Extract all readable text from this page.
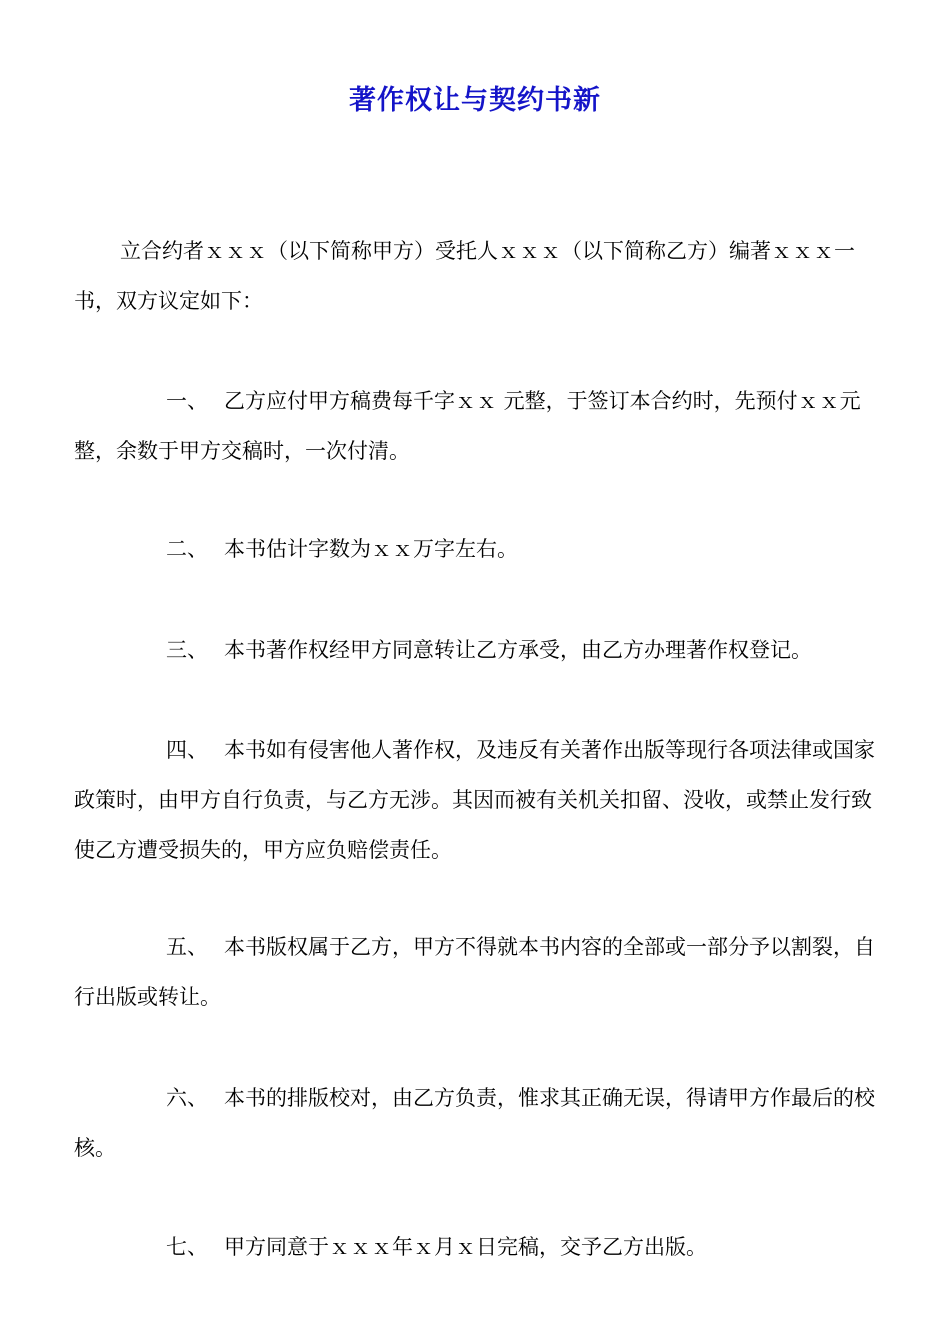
著作权让与契约书新

立合约者ｘｘｘ（以下简称甲方）受托人ｘｘｘ（以下简称乙方）编著ｘｘｘ一书，双方议定如下：

一、 乙方应付甲方稿费每千字ｘｘ 元整，于签订本合约时，先预付ｘｘ元整，余数于甲方交稿时，一次付清。

二、 本书估计字数为ｘｘ万字左右。

三、 本书著作权经甲方同意转让乙方承受，由乙方办理著作权登记。

四、 本书如有侵害他人著作权，及违反有关著作出版等现行各项法律或国家政策时，由甲方自行负责，与乙方无涉。其因而被有关机关扣留、没收，或禁止发行致使乙方遭受损失的，甲方应负赔偿责任。

五、 本书版权属于乙方，甲方不得就本书内容的全部或一部分予以割裂，自行出版或转让。

六、 本书的排版校对，由乙方负责，惟求其正确无误，得请甲方作最后的校核。

七、 甲方同意于ｘｘｘ年ｘ月ｘ日完稿，交予乙方出版。
